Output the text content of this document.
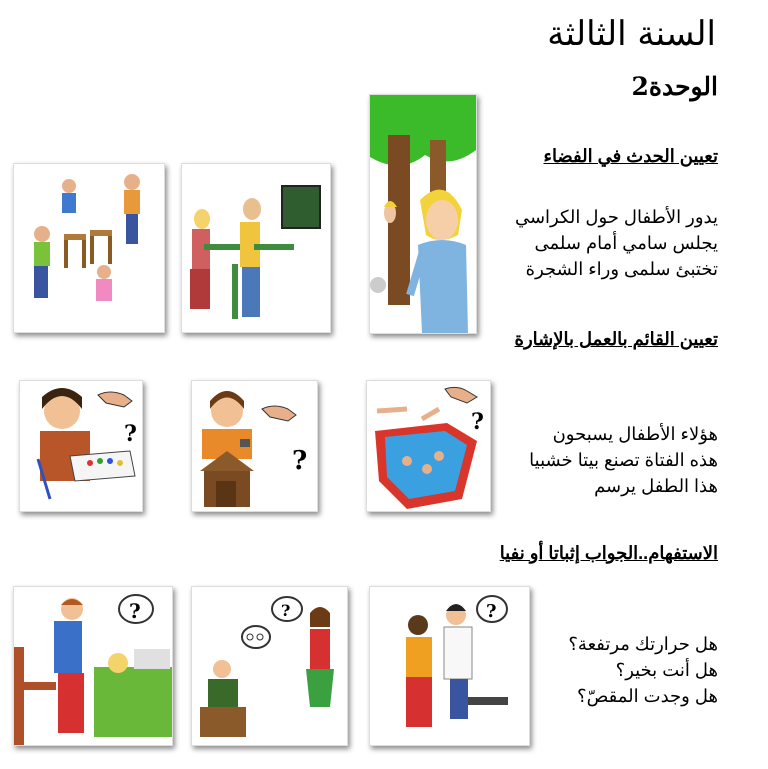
السنة الثالثة
الوحدة2
تعيين الحدث في الفضاء
يدور الأطفال حول الكراسي
يجلس سامي أمام سلمى
تختبئ سلمى وراء الشجرة
تعيين القائم بالعمل بالإشارة
هؤلاء الأطفال يسبحون
هذه الفتاة تصنع بيتا خشبيا
هذا الطفل يرسم
الاستفهام..الجواب إثباتا أو نفيا
هل حرارتك مرتفعة؟
هل أنت بخير؟
هل وجدت المقصّ؟
?
?
?
?
?
?
